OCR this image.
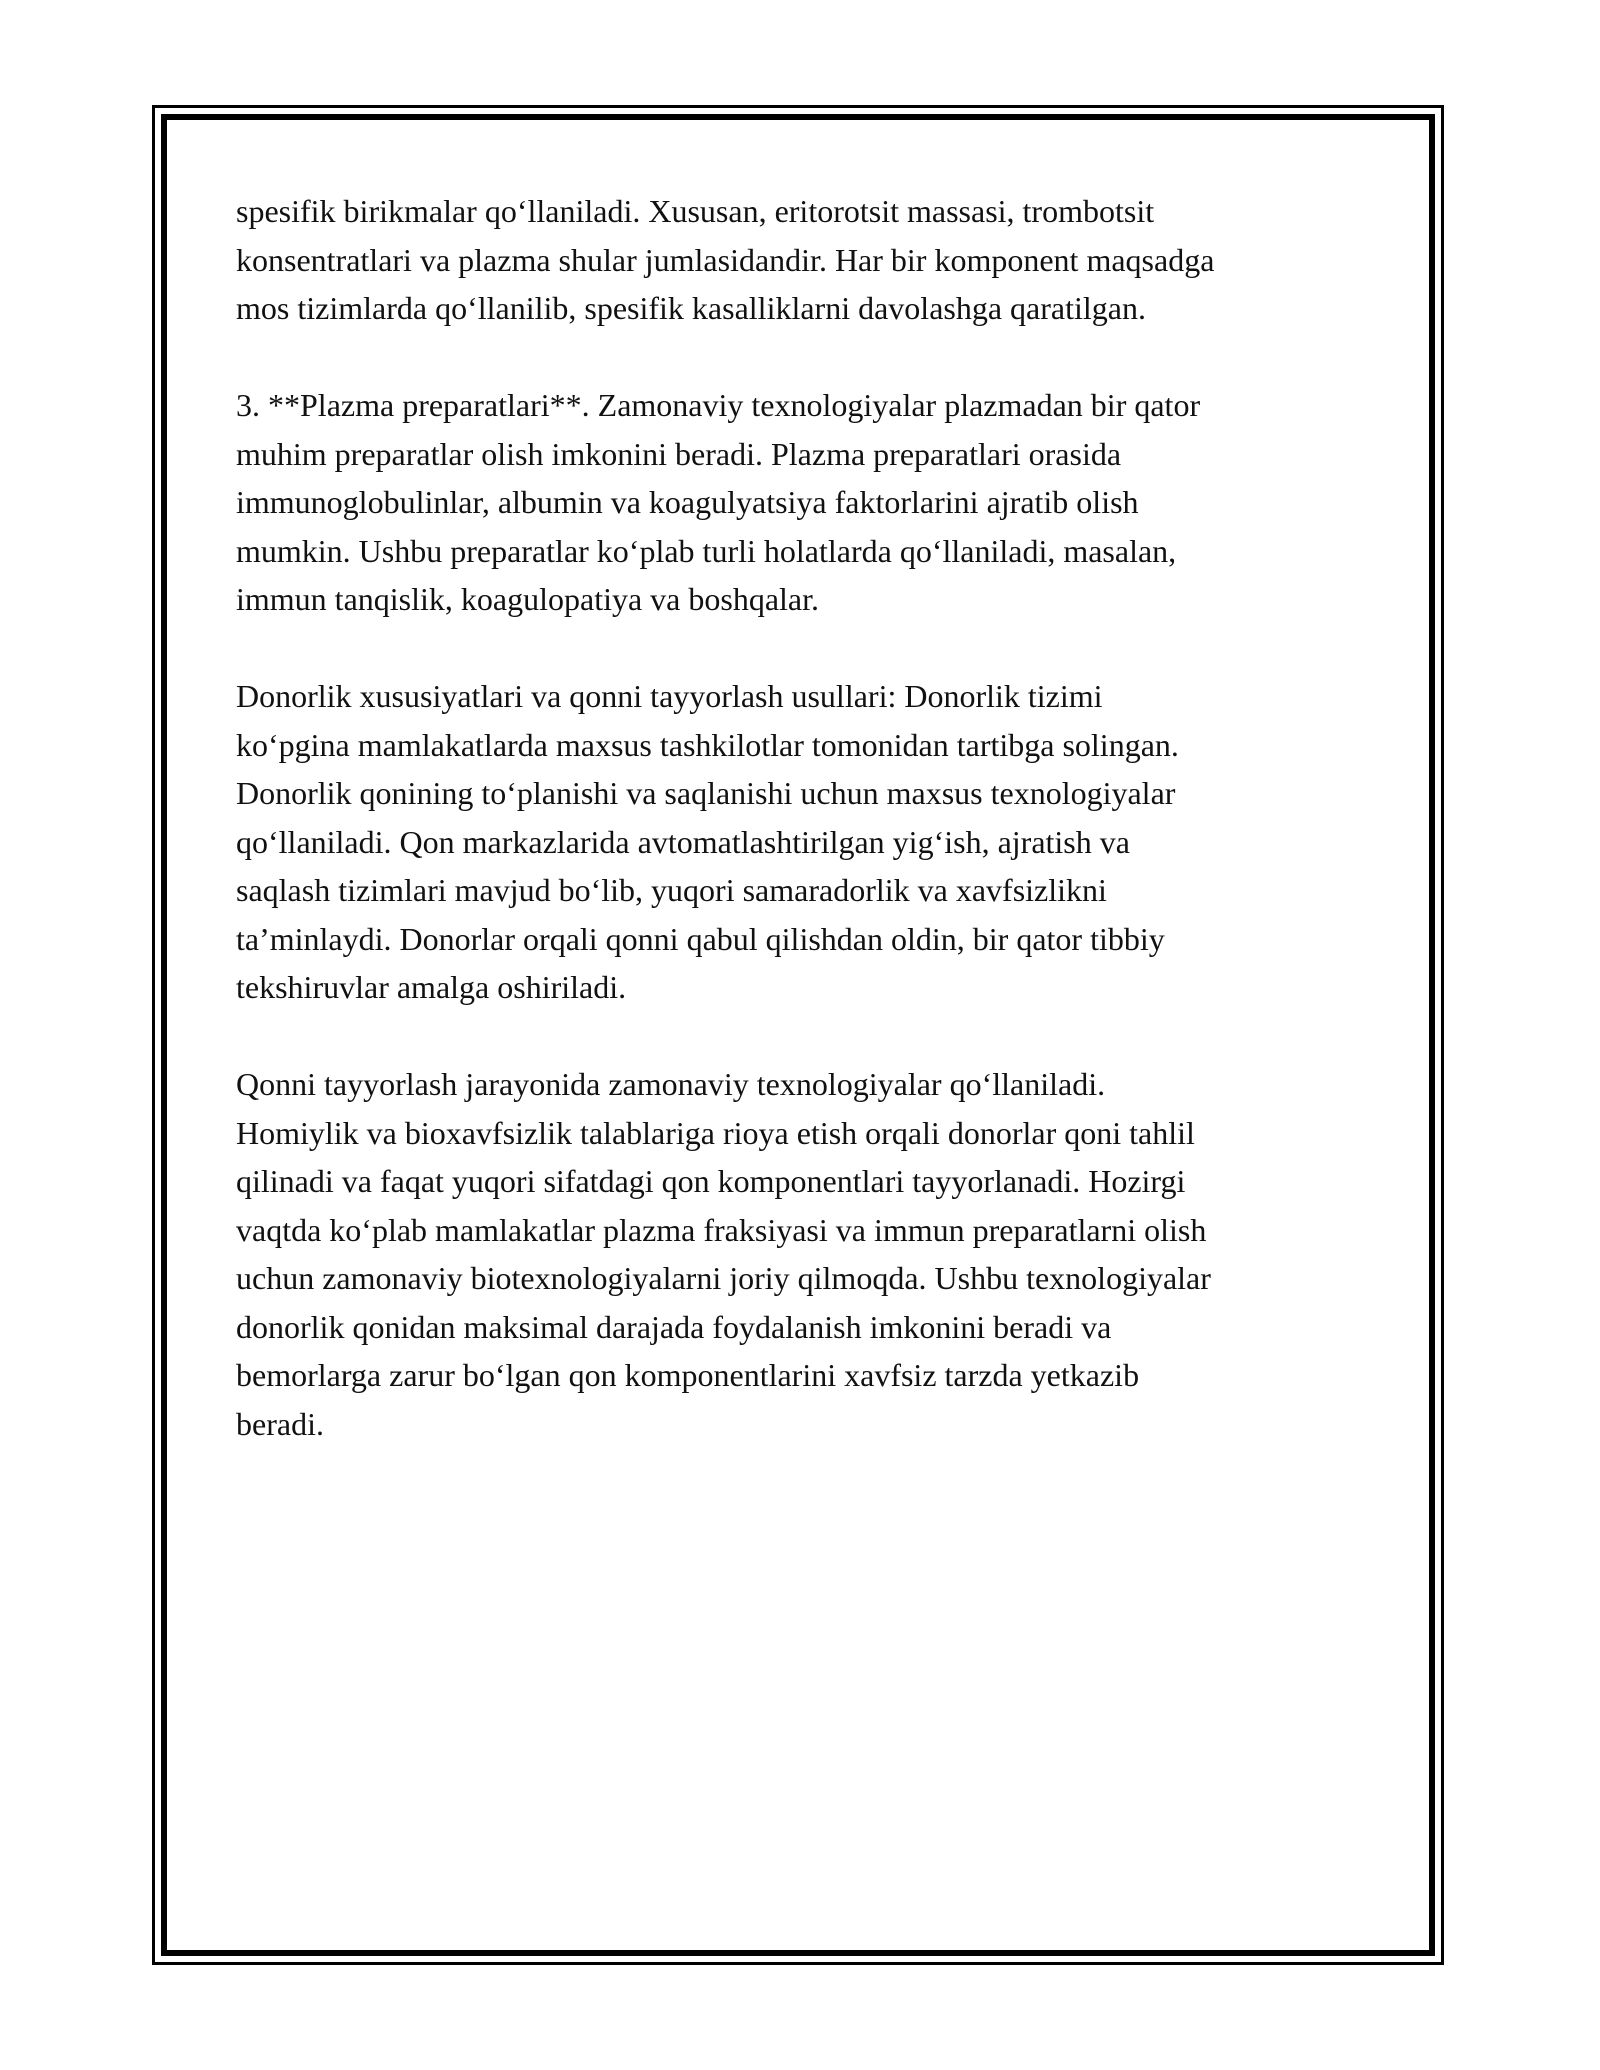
spesifik birikmalar qo‘llaniladi. Xususan, eritorotsit massasi, trombotsit
konsentratlari va plazma shular jumlasidandir. Har bir komponent maqsadga
mos tizimlarda qo‘llanilib, spesifik kasalliklarni davolashga qaratilgan.

3. **Plazma preparatlari**. Zamonaviy texnologiyalar plazmadan bir qator
muhim preparatlar olish imkonini beradi. Plazma preparatlari orasida
immunoglobulinlar, albumin va koagulyatsiya faktorlarini ajratib olish
mumkin. Ushbu preparatlar ko‘plab turli holatlarda qo‘llaniladi, masalan,
immun tanqislik, koagulopatiya va boshqalar.

Donorlik xususiyatlari va qonni tayyorlash usullari: Donorlik tizimi
ko‘pgina mamlakatlarda maxsus tashkilotlar tomonidan tartibga solingan.
Donorlik qonining to‘planishi va saqlanishi uchun maxsus texnologiyalar
qo‘llaniladi. Qon markazlarida avtomatlashtirilgan yig‘ish, ajratish va
saqlash tizimlari mavjud bo‘lib, yuqori samaradorlik va xavfsizlikni
ta’minlaydi. Donorlar orqali qonni qabul qilishdan oldin, bir qator tibbiy
tekshiruvlar amalga oshiriladi.

Qonni tayyorlash jarayonida zamonaviy texnologiyalar qo‘llaniladi.
Homiylik va bioxavfsizlik talablariga rioya etish orqali donorlar qoni tahlil
qilinadi va faqat yuqori sifatdagi qon komponentlari tayyorlanadi. Hozirgi
vaqtda ko‘plab mamlakatlar plazma fraksiyasi va immun preparatlarni olish
uchun zamonaviy biotexnologiyalarni joriy qilmoqda. Ushbu texnologiyalar
donorlik qonidan maksimal darajada foydalanish imkonini beradi va
bemorlarga zarur bo‘lgan qon komponentlarini xavfsiz tarzda yetkazib
beradi.
